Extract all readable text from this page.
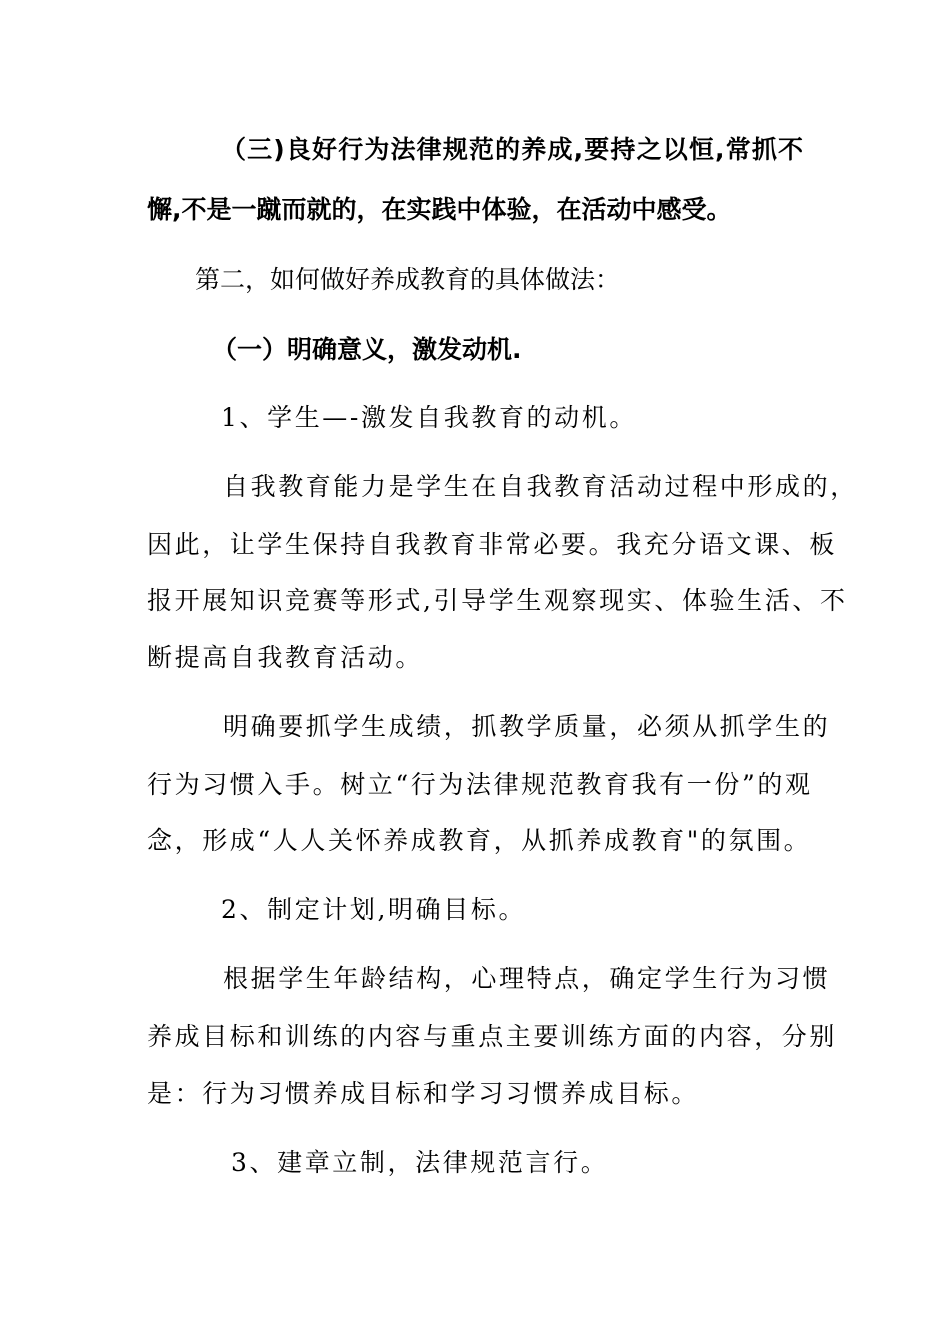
（三)良好行为法律规范的养成,要持之以恒,常抓不
懈,不是一蹴而就的，在实践中体验，在活动中感受。
第二，如何做好养成教育的具体做法：
（一）明确意义，激发动机.
1、学生—-激发自我教育的动机。
自我教育能力是学生在自我教育活动过程中形成的，
因此，让学生保持自我教育非常必要。我充分语文课、板
报开展知识竞赛等形式,引导学生观察现实、体验生活、不
断提高自我教育活动。
明确要抓学生成绩，抓教学质量，必须从抓学生的
行为习惯入手。树立“行为法律规范教育我有一份”的观
念，形成“人人关怀养成教育，从抓养成教育"的氛围。
2、制定计划,明确目标。
根据学生年龄结构，心理特点，确定学生行为习惯
养成目标和训练的内容与重点主要训练方面的内容，分别
是：行为习惯养成目标和学习习惯养成目标。
3、建章立制，法律规范言行。
